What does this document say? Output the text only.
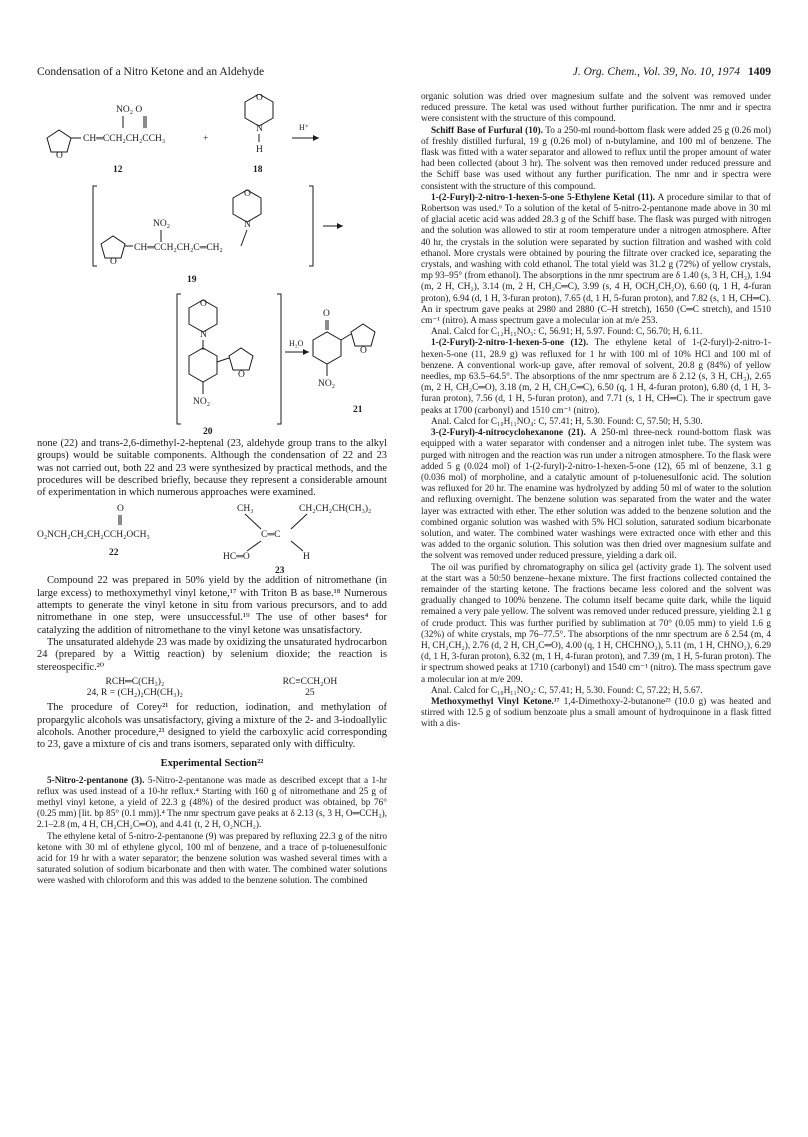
Condensation of a Nitro Ketone and an Aldehyde	J. Org. Chem., Vol. 39, No. 10, 1974 1409
O
NO₂ O
CH═CCH₂CH₂CCH₃
12
+
O
N
H
18
H⁺
O
N
NO₂
O
CH═CCH₂CH₂C═CH₂
19
O
N
O
NO₂
20
H₂O
O
O
NO₂
21

none (22) and trans-2,6-dimethyl-2-heptenal (23, aldehyde group trans to the alkyl groups) would be suitable components. Although the condensation of 22 and 23 was not carried out, both 22 and 23 were synthesized by practical methods, and the procedures will be described briefly, because they represent a considerable amount of experimentation in which numerous approaches were examined.

O
O₂NCH₂CH₂CH₂CCH₂OCH₃
22
CH₃	CH₂CH₂CH(CH₃)₂
C═C
HC═O	H
23

Compound 22 was prepared in 50% yield by the addition of nitromethane (in large excess) to methoxymethyl vinyl ketone,¹⁷ with Triton B as base.¹⁸ Numerous attempts to generate the vinyl ketone in situ from various precursors, and to add nitromethane in one step, were unsuccessful.¹⁹ The use of other bases⁴ for catalyzing the addition of nitromethane to the vinyl ketone was unsatisfactory.

The unsaturated aldehyde 23 was made by oxidizing the unsaturated hydrocarbon 24 (prepared by a Wittig reaction) by selenium dioxide; the reaction is stereospecific.²⁰

RCH═C(CH₃)₂
24, R = (CH₂)₂CH(CH₃)₂
RC≡CCH₂OH
25

The procedure of Corey²¹ for reduction, iodination, and methylation of propargylic alcohols was unsatisfactory, giving a mixture of the 2- and 3-iodoallylic alcohols. Another procedure,²¹ designed to yield the carboxylic acid corresponding to 23, gave a mixture of cis and trans isomers, separated only with difficulty.

Experimental Section²²

5-Nitro-2-pentanone (3). 5-Nitro-2-pentanone was made as described except that a 1-hr reflux was used instead of a 10-hr reflux.⁴ Starting with 160 g of nitromethane and 25 g of methyl vinyl ketone, a yield of 22.3 g (48%) of the desired product was obtained, bp 76° (0.25 mm) [lit. bp 85° (0.1 mm)].⁴ The nmr spectrum gave peaks at δ 2.13 (s, 3 H, O═CCH₃), 2.1–2.8 (m, 4 H, CH₂CH₂C═O), and 4.41 (t, 2 H, O₂NCH₂).

The ethylene ketal of 5-nitro-2-pentanone (9) was prepared by refluxing 22.3 g of the nitro ketone with 30 ml of ethylene glycol, 100 ml of benzene, and a trace of p-toluenesulfonic acid for 19 hr with a water separator; the benzene solution was washed several times with a saturated solution of sodium bicarbonate and then with water. The combined water solutions were washed with chloroform and this was added to the benzene solution. The combined

organic solution was dried over magnesium sulfate and the solvent was removed under reduced pressure. The ketal was used without further purification. The nmr and ir spectra were consistent with the structure of this compound.

Schiff Base of Furfural (10). To a 250-ml round-bottom flask were added 25 g (0.26 mol) of freshly distilled furfural, 19 g (0.26 mol) of n-butylamine, and 100 ml of benzene. The flask was fitted with a water separator and allowed to reflux until the proper amount of water had been collected (about 3 hr). The solvent was then removed under reduced pressure and the Schiff base was used without any further purification. The nmr and ir spectra were consistent with the structure of this compound.

1-(2-Furyl)-2-nitro-1-hexen-5-one 5-Ethylene Ketal (11). A procedure similar to that of Robertson was used.⁶ To a solution of the ketal of 5-nitro-2-pentanone made above in 30 ml of glacial acetic acid was added 28.3 g of the Schiff base. The flask was purged with nitrogen and the solution was allowed to stir at room temperature under a nitrogen atmosphere. After 40 hr, the crystals in the solution were separated by suction filtration and washed with cold ethanol. More crystals were obtained by pouring the filtrate over cracked ice, separating the crystals, and washing with cold ethanol. The total yield was 31.2 g (72%) of yellow crystals, mp 93–95° (from ethanol). The absorptions in the nmr spectrum are δ 1.40 (s, 3 H, CH₃), 1.94 (m, 2 H, CH₂), 3.14 (m, 2 H, CH₂C═C), 3.99 (s, 4 H, OCH₂CH₂O), 6.60 (q, 1 H, 4-furan proton), 6.94 (d, 1 H, 3-furan proton), 7.65 (d, 1 H, 5-furan proton), and 7.82 (s, 1 H, CH═C). An ir spectrum gave peaks at 2980 and 2880 (C–H stretch), 1650 (C═C stretch), and 1510 cm⁻¹ (nitro). A mass spectrum gave a molecular ion at m/e 253.

Anal. Calcd for C₁₂H₁₅NO₅: C, 56.91; H, 5.97. Found: C, 56.70; H, 6.11.

1-(2-Furyl)-2-nitro-1-hexen-5-one (12). The ethylene ketal of 1-(2-furyl)-2-nitro-1-hexen-5-one (11, 28.9 g) was refluxed for 1 hr with 100 ml of 10% HCl and 100 ml of benzene. A conventional work-up gave, after removal of solvent, 20.8 g (84%) of yellow needles, mp 63.5–64.5°. The absorptions of the nmr spectrum are δ 2.12 (s, 3 H, CH₃), 2.65 (m, 2 H, CH₂C═O), 3.18 (m, 2 H, CH₂C═C), 6.50 (q, 1 H, 4-furan proton), 6.80 (d, 1 H, 3-furan proton), 7.56 (d, 1 H, 5-furan proton), and 7.71 (s, 1 H, CH═C). The ir spectrum gave peaks at 1700 (carbonyl) and 1510 cm⁻¹ (nitro).

Anal. Calcd for C₁₀H₁₁NO₄: C, 57.41; H, 5.30. Found: C, 57.50; H, 5.30.

3-(2-Furyl)-4-nitrocyclohexanone (21). A 250-ml three-neck round-bottom flask was equipped with a water separator with condenser and a nitrogen inlet tube. The system was purged with nitrogen and the reaction was run under a nitrogen atmosphere. To the flask were added 5 g (0.024 mol) of 1-(2-furyl)-2-nitro-1-hexen-5-one (12), 65 ml of benzene, 3.1 g (0.036 mol) of morpholine, and a catalytic amount of p-toluenesulfonic acid. The solution was refluxed for 20 hr. The enamine was hydrolyzed by adding 50 ml of water to the solution and refluxing overnight. The benzene solution was separated from the water and the water layer was extracted with ether. The ether solution was added to the benzene solution and the combined organic solution was washed with 5% HCl solution, saturated sodium bicarbonate solution, and water. The combined water washings were extracted once with ether and this was added to the organic solution. This solution was then dried over magnesium sulfate and the solvent was removed under reduced pressure, yielding a dark oil.

The oil was purified by chromatography on silica gel (activity grade 1). The solvent used at the start was a 50:50 benzene–hexane mixture. The first fractions collected contained the remainder of the starting ketone. The fractions became less colored and the solvent was gradually changed to 100% benzene. The column itself became quite dark, while the liquid remained a very pale yellow. The solvent was removed under reduced pressure, yielding 2.1 g of crude product. This was further purified by sublimation at 70° (0.05 mm) to yield 1.6 g (32%) of white crystals, mp 76–77.5°. The absorptions of the nmr spectrum are δ 2.54 (m, 4 H, CH₂CH₂), 2.76 (d, 2 H, CH₂C═O), 4.00 (q, 1 H, CHCHNO₂), 5.11 (m, 1 H, CHNO₂), 6.29 (d, 1 H, 3-furan proton), 6.32 (m, 1 H, 4-furan proton), and 7.39 (m, 1 H, 5-furan proton). The ir spectrum showed peaks at 1710 (carbonyl) and 1540 cm⁻¹ (nitro). The mass spectrum gave a molecular ion at m/e 209.

Anal. Calcd for C₁₀H₁₁NO₄: C, 57.41; H, 5.30. Found: C, 57.22; H, 5.67.

Methoxymethyl Vinyl Ketone.¹⁷ 1,4-Dimethoxy-2-butanone²³ (10.0 g) was heated and stirred with 12.5 g of sodium benzoate plus a small amount of hydroquinone in a flask fitted with a dis-
